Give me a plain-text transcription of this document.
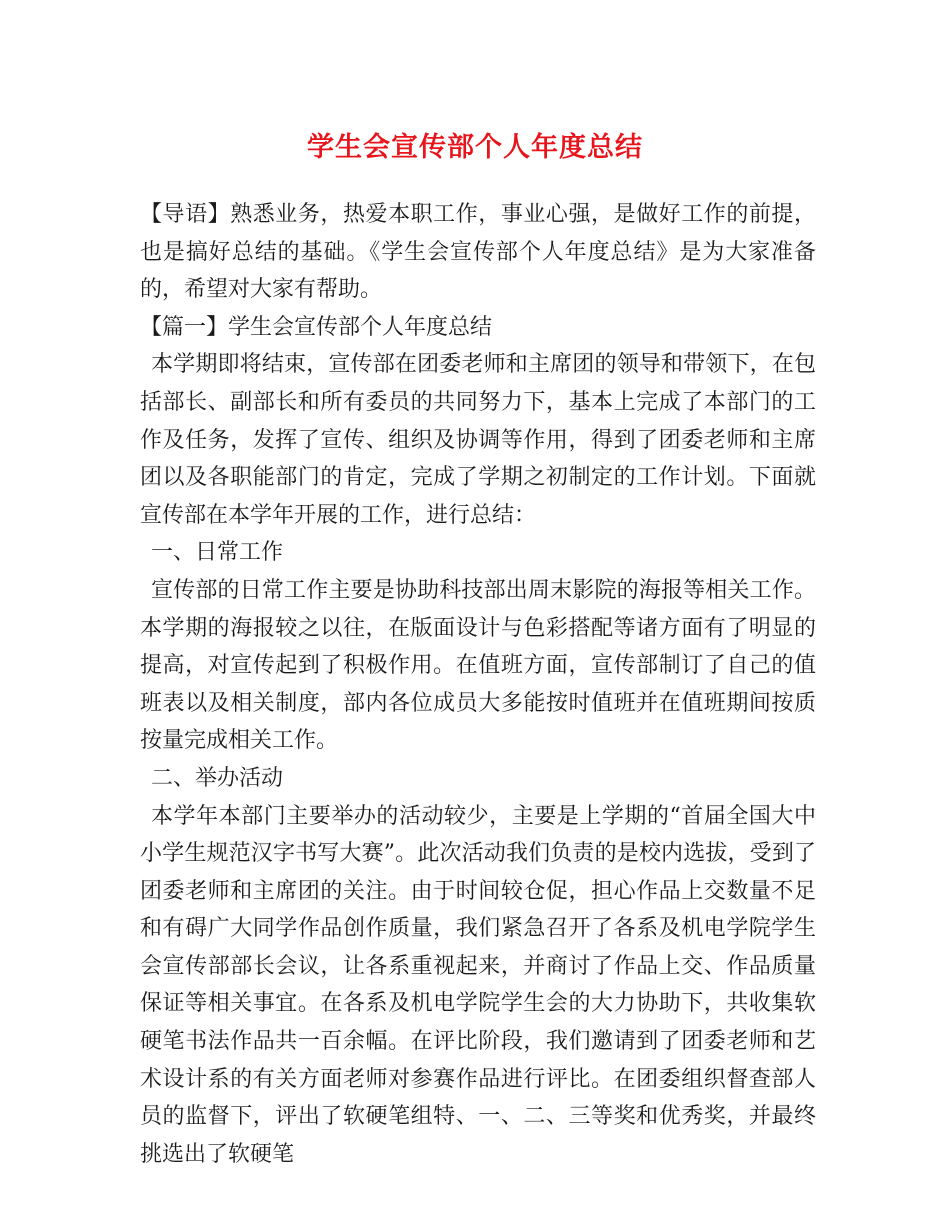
学生会宣传部个人年度总结

【导语】熟悉业务，热爱本职工作，事业心强，是做好工作的前提，也是搞好总结的基础。《学生会宣传部个人年度总结》是为大家准备的，希望对大家有帮助。

【篇一】学生会宣传部个人年度总结

本学期即将结束，宣传部在团委老师和主席团的领导和带领下，在包括部长、副部长和所有委员的共同努力下，基本上完成了本部门的工作及任务，发挥了宣传、组织及协调等作用，得到了团委老师和主席团以及各职能部门的肯定，完成了学期之初制定的工作计划。下面就宣传部在本学年开展的工作，进行总结：

一、日常工作

宣传部的日常工作主要是协助科技部出周末影院的海报等相关工作。本学期的海报较之以往，在版面设计与色彩搭配等诸方面有了明显的提高，对宣传起到了积极作用。在值班方面，宣传部制订了自己的值班表以及相关制度，部内各位成员大多能按时值班并在值班期间按质按量完成相关工作。

二、举办活动

本学年本部门主要举办的活动较少，主要是上学期的“首届全国大中小学生规范汉字书写大赛”。此次活动我们负责的是校内选拔，受到了团委老师和主席团的关注。由于时间较仓促，担心作品上交数量不足和有碍广大同学作品创作质量，我们紧急召开了各系及机电学院学生会宣传部部长会议，让各系重视起来，并商讨了作品上交、作品质量保证等相关事宜。在各系及机电学院学生会的大力协助下，共收集软硬笔书法作品共一百余幅。在评比阶段，我们邀请到了团委老师和艺术设计系的有关方面老师对参赛作品进行评比。在团委组织督查部人员的监督下，评出了软硬笔组特、一、二、三等奖和优秀奖，并最终挑选出了软硬笔
